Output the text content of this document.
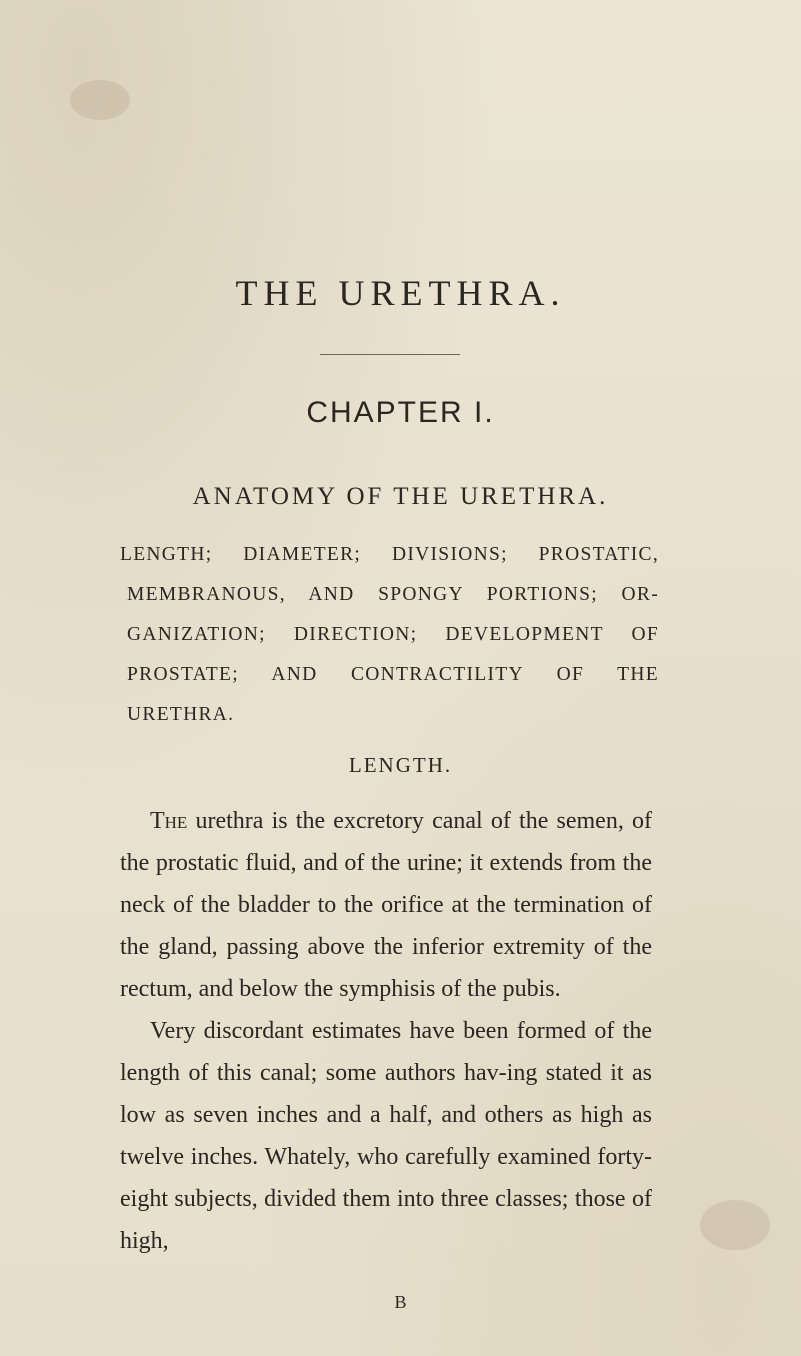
THE URETHRA.
CHAPTER I.
ANATOMY OF THE URETHRA.

LENGTH; DIAMETER; DIVISIONS; PROSTATIC, MEMBRANOUS, AND SPONGY PORTIONS; OR-GANIZATION; DIRECTION; DEVELOPMENT OF PROSTATE; AND CONTRACTILITY OF THE URETHRA.

LENGTH.

The urethra is the excretory canal of the semen, of the prostatic fluid, and of the urine; it extends from the neck of the bladder to the orifice at the termination of the gland, passing above the inferior extremity of the rectum, and below the symphisis of the pubis.

Very discordant estimates have been formed of the length of this canal; some authors hav-ing stated it as low as seven inches and a half, and others as high as twelve inches. Whately, who carefully examined forty-eight subjects, divided them into three classes; those of high,

B
